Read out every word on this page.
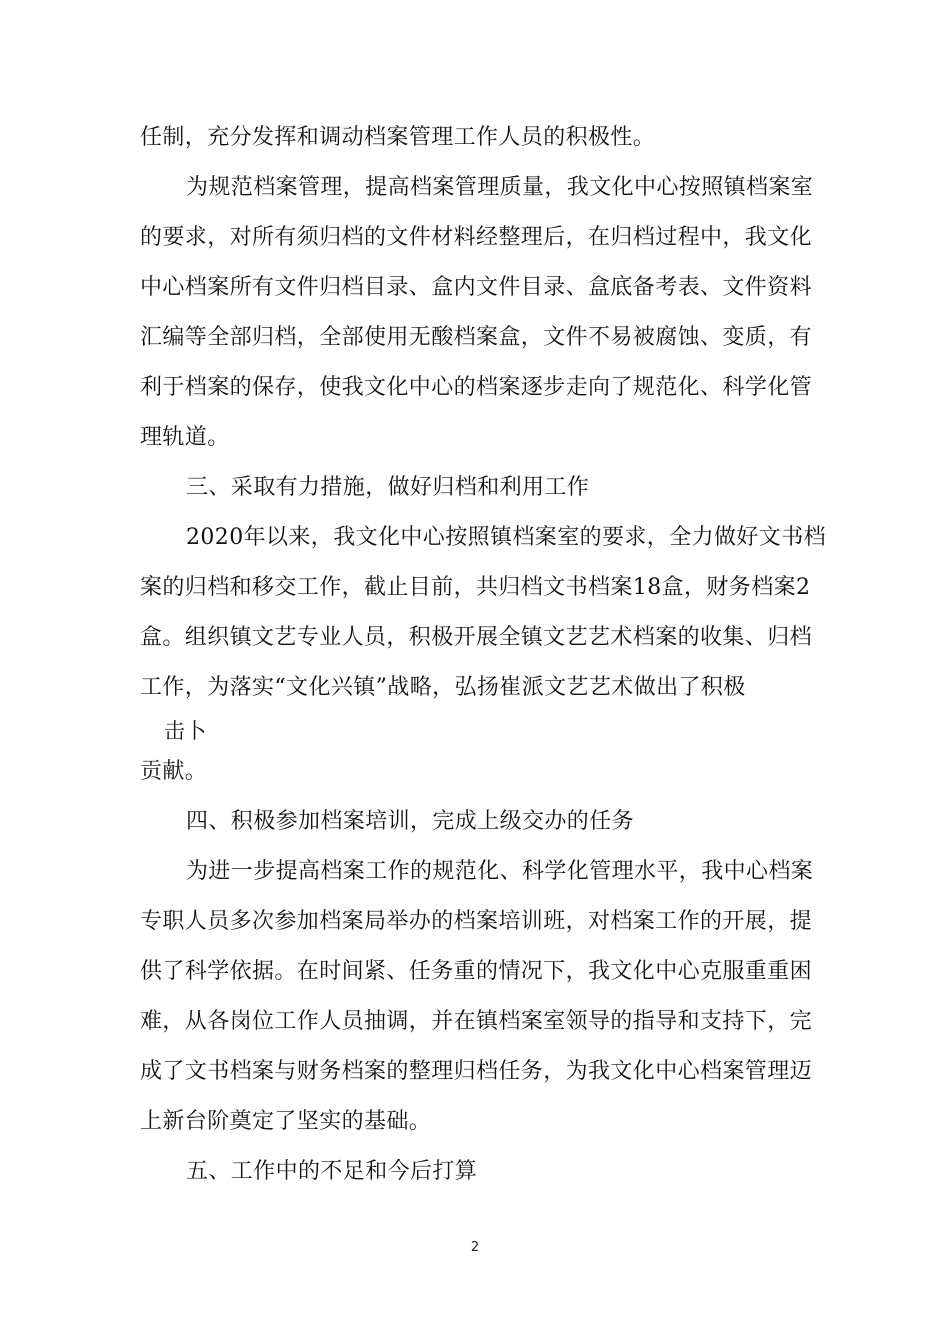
任制，充分发挥和调动档案管理工作人员的积极性。
为规范档案管理，提高档案管理质量，我文化中心按照镇档案室
的要求，对所有须归档的文件材料经整理后，在归档过程中，我文化
中心档案所有文件归档目录、盒内文件目录、盒底备考表、文件资料
汇编等全部归档，全部使用无酸档案盒，文件不易被腐蚀、变质，有
利于档案的保存，使我文化中心的档案逐步走向了规范化、科学化管
理轨道。
三、采取有力措施，做好归档和利用工作
2020年以来，我文化中心按照镇档案室的要求，全力做好文书档
案的归档和移交工作，截止目前，共归档文书档案18盒，财务档案2
盒。组织镇文艺专业人员，积极开展全镇文艺艺术档案的收集、归档
工作，为落实“文化兴镇”战略，弘扬崔派文艺艺术做出了积极
击卜
贡献。
四、积极参加档案培训，完成上级交办的任务
为进一步提高档案工作的规范化、科学化管理水平，我中心档案
专职人员多次参加档案局举办的档案培训班，对档案工作的开展，提
供了科学依据。在时间紧、任务重的情况下，我文化中心克服重重困
难，从各岗位工作人员抽调，并在镇档案室领导的指导和支持下，完
成了文书档案与财务档案的整理归档任务，为我文化中心档案管理迈
上新台阶奠定了坚实的基础。
五、工作中的不足和今后打算
2
